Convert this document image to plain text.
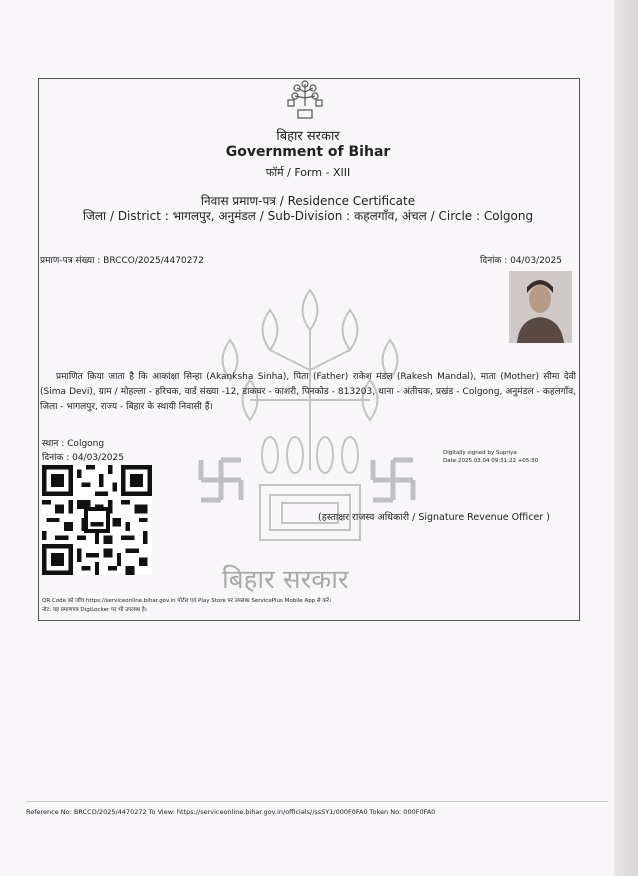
बिहार सरकार
बिहार सरकार
Government of Bihar
फॉर्म / Form - XIII
निवास प्रमाण-पत्र / Residence Certificate
जिला / District : भागलपुर, अनुमंडल / Sub-Division : कहलगाँव, अंचल / Circle : Colgong
प्रमाण-पत्र संख्या : BRCCO/2025/4470272	दिनांक : 04/03/2025
प्रमाणित किया जाता है कि आकांक्षा सिन्हा (Akanksha Sinha), पिता (Father) राकेश मंडल (Rakesh Mandal), माता (Mother) सीमा देवी (Sima Devi), ग्राम / मोहल्ला - हरिचक, वार्ड संख्या -12, डाकघर - काशरी, पिनकोड - 813203, थाना - अंतीचक, प्रखंड - Colgong, अनुमंडल - कहलगाँव, जिला - भागलपुर, राज्य - बिहार के स्थायी निवासी हैं।
स्थान : Colgong
दिनांक : 04/03/2025	Digitally signed by Supriya
Date:2025.03.04 09:31:22 +05:30
(हस्ताक्षर राजस्व अधिकारी / Signature Revenue Officer )
QR Code को जाँच https://serviceonline.bihar.gov.in पोर्टल एवं Play Store पर उपलब्ध ServicePlus Mobile App से करें।
नोट: यह प्रमाणपत्र DigiLocker पर भी उपलब्ध है।
Reference No: BRCCO/2025/4470272 To View: https://serviceonline.bihar.gov.in/officials//ssSY1/000F0FA0 Token No: 000F0FA0
